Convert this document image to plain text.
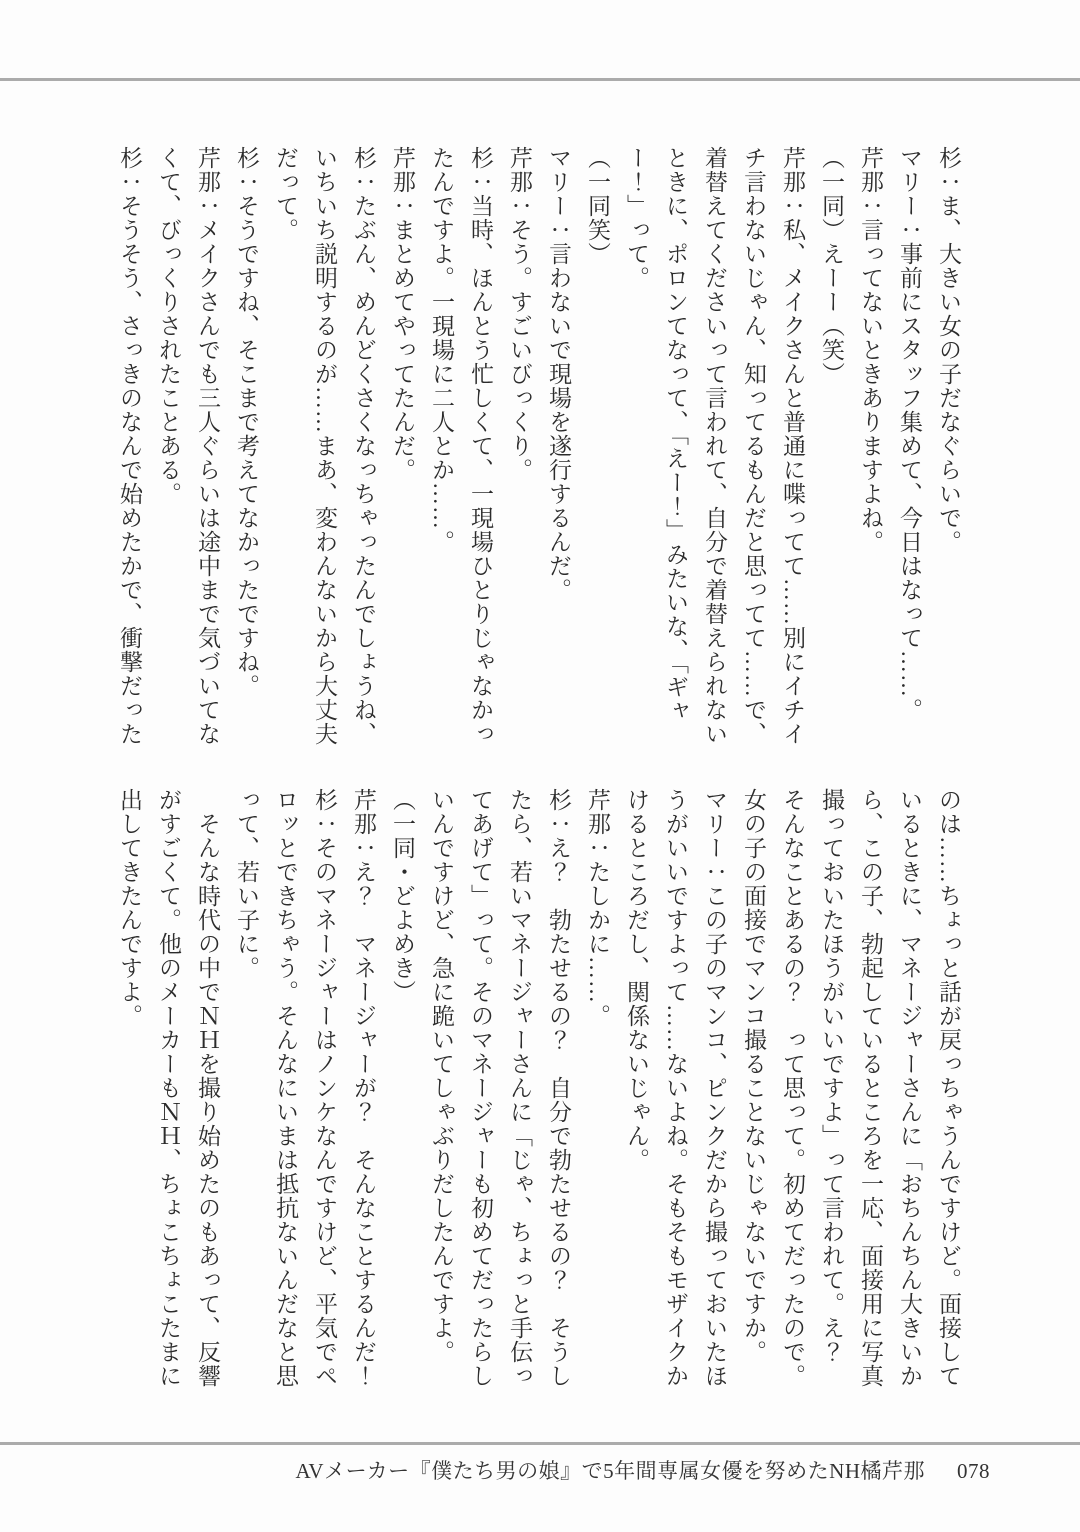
杉：ま、大きい女の子だなぐらいで。

マリー：事前にスタッフ集めて、今日はなって……。

芹那：言ってないときありますよね。

（一同）えーー（笑）

芹那：私、メイクさんと普通に喋ってて……別にイチイチ言わないじゃん、知ってるもんだと思ってて……で、着替えてくださいって言われて、自分で着替えられないときに、ポロンてなって、「えー！」みたいな、「ギャー！」って。

（一同笑）

マリー：言わないで現場を遂行するんだ。

芹那：そう。すごいびっくり。

杉：当時、ほんとう忙しくて、一現場ひとりじゃなかったんですよ。一現場に二人とか……。

芹那：まとめてやってたんだ。

杉：たぶん、めんどくさくなっちゃったんでしょうね、いちいち説明するのが……まあ、変わんないから大丈夫だって。

杉：そうですね、そこまで考えてなかったですね。

芹那：メイクさんでも三人ぐらいは途中まで気づいてなくて、びっくりされたことある。

杉：そうそう、さっきのなんで始めたかで、衝撃だった

のは……ちょっと話が戻っちゃうんですけど。面接しているときに、マネージャーさんに「おちんちん大きいから、この子、勃起しているところを一応、面接用に写真撮っておいたほうがいいですよ」って言われて。え？　そんなことあるの？　って思って。初めてだったので。女の子の面接でマンコ撮ることないじゃないですか。

マリー：この子のマンコ、ピンクだから撮っておいたほうがいいですよって……ないよね。そもそもモザイクかけるところだし、関係ないじゃん。

芹那：たしかに……。

杉：え？　勃たせるの？　自分で勃たせるの？　そうしたら、若いマネージャーさんに「じゃ、ちょっと手伝ってあげて」って。そのマネージャーも初めてだったらしいんですけど、急に跪いてしゃぶりだしたんですよ。

（一同・どよめき）

芹那：え？　マネージャーが？　そんなことするんだ！

杉：そのマネージャーはノンケなんですけど、平気でペロッとできちゃう。そんなにいまは抵抗ないんだなと思って、若い子に。

　そんな時代の中でＮＨを撮り始めたのもあって、反響がすごくて。他のメーカーもＮＨ、ちょこちょこたまに出してきたんですよ。

AVメーカー『僕たち男の娘』で5年間専属女優を努めたNH橘芹那 078
